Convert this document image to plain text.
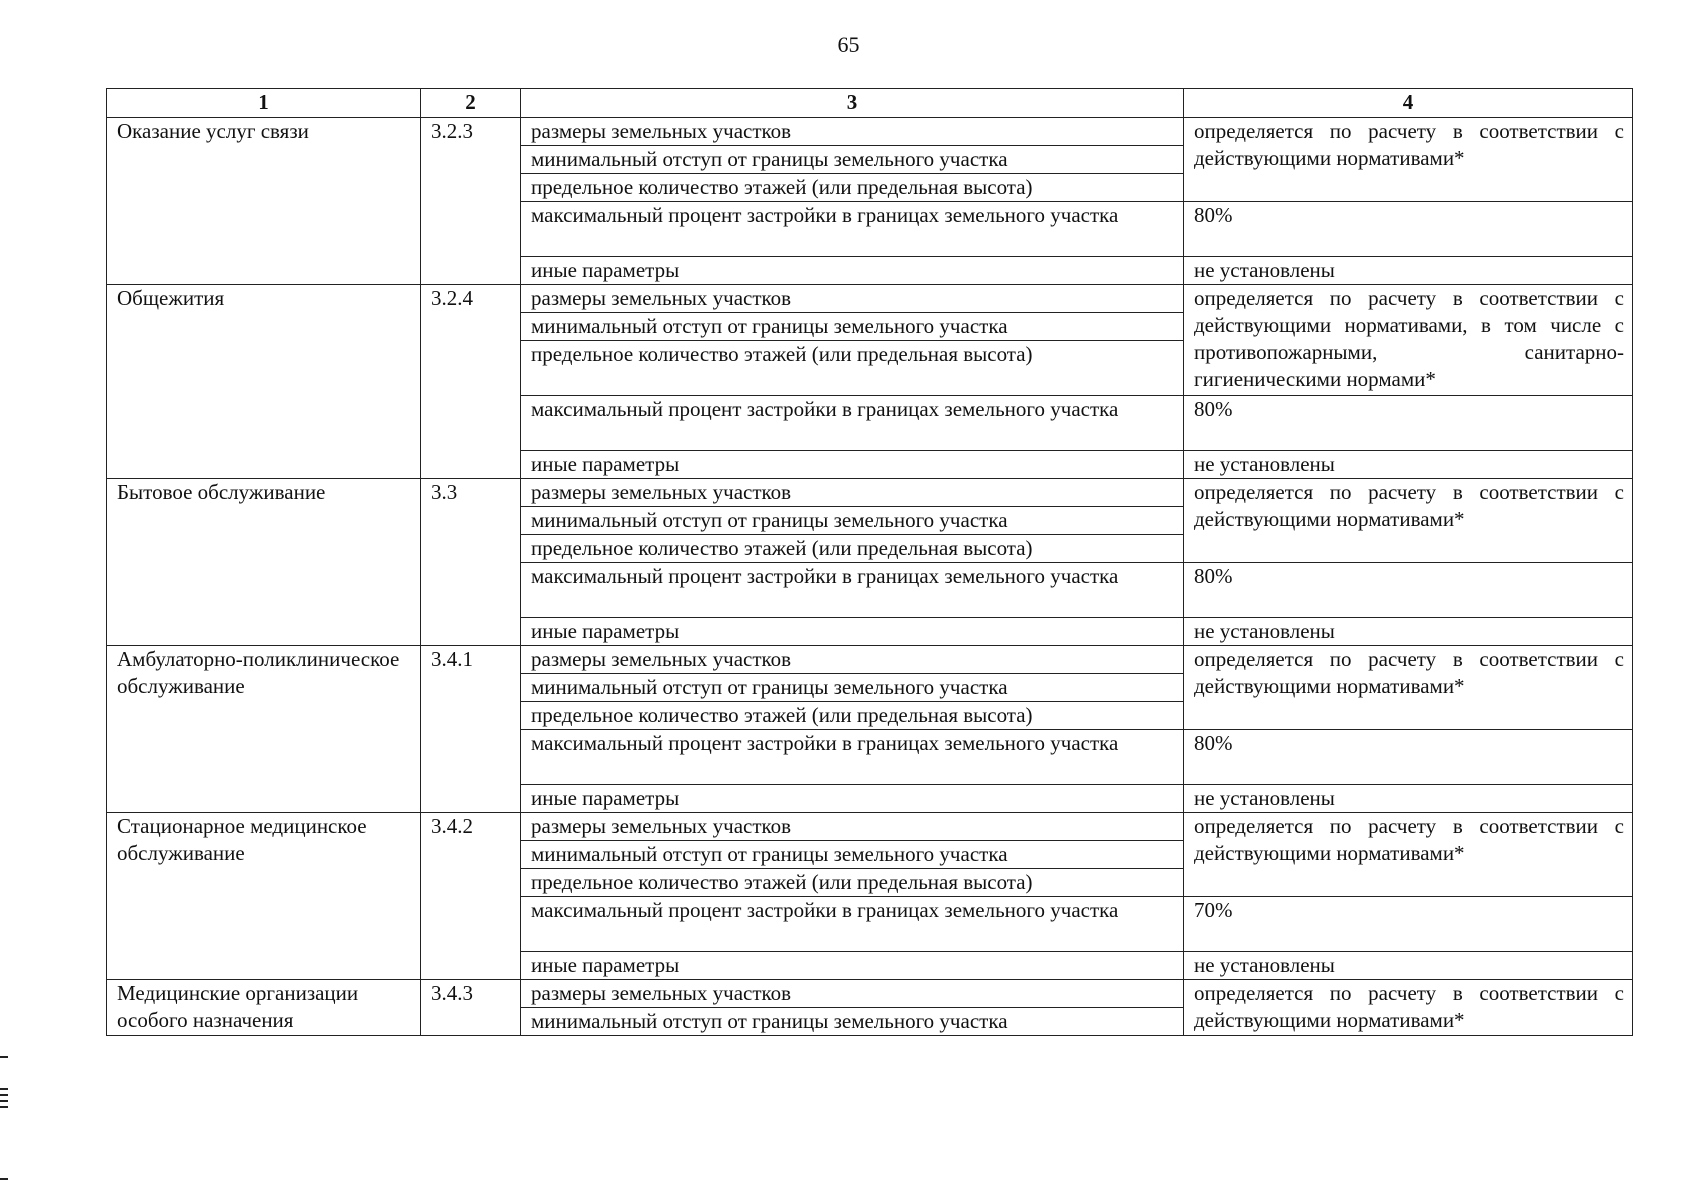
65
1	2	3	4
Оказание услуг связи	3.2.3	размеры земельных участков	определяется по расчету в соответствии с действующими нормативами*
		минимальный отступ от границы земельного участка	
		предельное количество этажей (или предельная высота)	
		максимальный процент застройки в границах земельного участка	80%
		иные параметры	не установлены
Общежития	3.2.4	размеры земельных участков	определяется по расчету в соответствии с действующими нормативами, в том числе с противопожарными, санитарно-гигиеническими нормами*
		минимальный отступ от границы земельного участка	
		предельное количество этажей (или предельная высота)	
		максимальный процент застройки в границах земельного участка	80%
		иные параметры	не установлены
Бытовое обслуживание	3.3	размеры земельных участков	определяется по расчету в соответствии с действующими нормативами*
		минимальный отступ от границы земельного участка	
		предельное количество этажей (или предельная высота)	
		максимальный процент застройки в границах земельного участка	80%
		иные параметры	не установлены
Амбулаторно-поликлиническое обслуживание	3.4.1	размеры земельных участков	определяется по расчету в соответствии с действующими нормативами*
		минимальный отступ от границы земельного участка	
		предельное количество этажей (или предельная высота)	
		максимальный процент застройки в границах земельного участка	80%
		иные параметры	не установлены
Стационарное медицинское обслуживание	3.4.2	размеры земельных участков	определяется по расчету в соответствии с действующими нормативами*
		минимальный отступ от границы земельного участка	
		предельное количество этажей (или предельная высота)	
		максимальный процент застройки в границах земельного участка	70%
		иные параметры	не установлены
Медицинские организации особого назначения	3.4.3	размеры земельных участков	определяется по расчету в соответствии с действующими нормативами*
		минимальный отступ от границы земельного участка	
